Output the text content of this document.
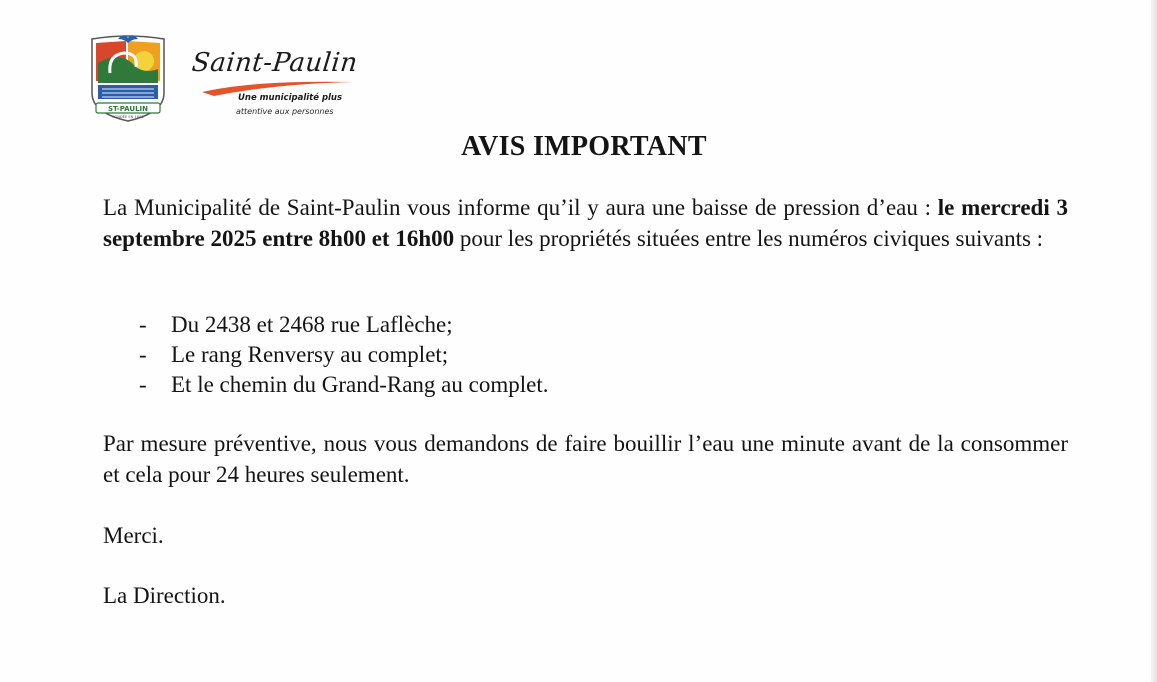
ST-PAULIN
FONDÉE EN 1848
Saint-Paulin
Une municipalité plus
attentive aux personnes
AVIS IMPORTANT

La Municipalité de Saint-Paulin vous informe qu’il y aura une baisse de pression d’eau : le mercredi 3 septembre 2025 entre 8h00 et 16h00 pour les propriétés situées entre les numéros civiques suivants :

- Du 2438 et 2468 rue Laflèche;
- Le rang Renversy au complet;
- Et le chemin du Grand-Rang au complet.

Par mesure préventive, nous vous demandons de faire bouillir l’eau une minute avant de la consommer et cela pour 24 heures seulement.

Merci.

La Direction.
